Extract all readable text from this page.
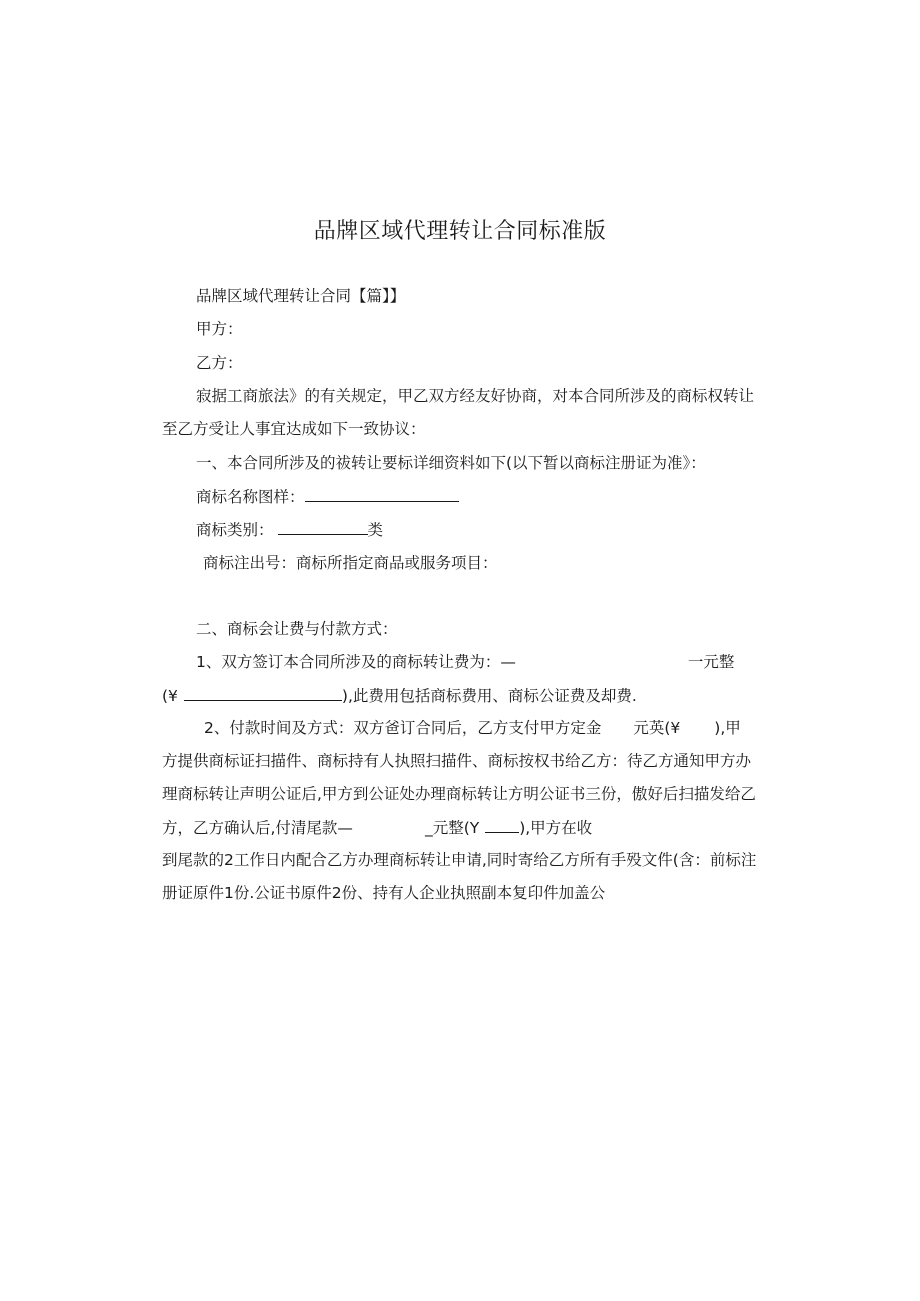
品牌区域代理转让合同标准版
品牌区域代理转让合同【篇】】
甲方：
乙方：
寂据工商旅法》的有关规定，甲乙双方经友好协商，对本合同所涉及的商标权转让
至乙方受让人事宜达成如下一致协议：
一、本合同所涉及的祓转让要标详细资料如下(以下暂以商标注册证为准》：
商标名称图样：
商标类别：	类
商标注出号：商标所指定商品或服务项目：
二、商标会让费与付款方式：
1、双方签订本合同所涉及的商标转让费为：—	一元整
(¥	),此费用包括商标费用、商标公证费及却费.
2、付款时间及方式：双方爸订合同后，乙方支付甲方定金 元英(¥ ),甲
方提供商标证扫描件、商标持有人执照扫描件、商标按权书给乙方：待乙方通知甲方办
理商标转让声明公证后,甲方到公证处办理商标转让方明公证书三份，傲好后扫描发给乙
方，乙方确认后,付清尾款—	_元整(Y	),甲方在收
到尾款的2工作日内配合乙方办理商标转让申请,同时寄给乙方所有手殁文件(含：前标注
册证原件1份.公证书原件2份、持有人企业执照副本复印件加盖公
